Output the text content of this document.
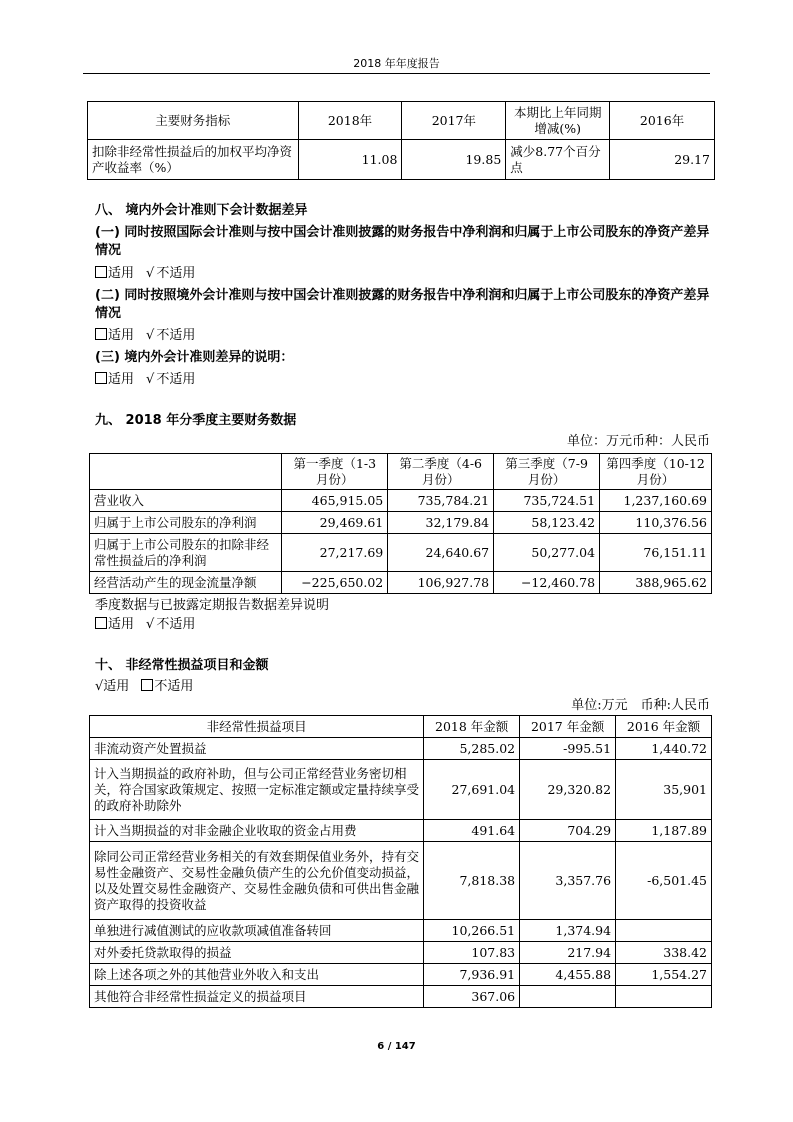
2018 年年度报告
主要财务指标	2018年	2017年	本期比上年同期增减(%)	2016年
扣除非经常性损益后的加权平均净资产收益率（%）	11.08	19.85	减少8.77个百分点	29.17
八、 境内外会计准则下会计数据差异
(一) 同时按照国际会计准则与按中国会计准则披露的财务报告中净利润和归属于上市公司股东的净资产差异情况
适用 √ 不适用
(二) 同时按照境外会计准则与按中国会计准则披露的财务报告中净利润和归属于上市公司股东的净资产差异情况
适用 √ 不适用
(三) 境内外会计准则差异的说明：
适用 √ 不适用
九、 2018 年分季度主要财务数据
单位：万元币种：人民币
	第一季度（1-3 月份）	第二季度（4-6 月份）	第三季度（7-9 月份）	第四季度（10-12 月份）
营业收入	465,915.05	735,784.21	735,724.51	1,237,160.69
归属于上市公司股东的净利润	29,469.61	32,179.84	58,123.42	110,376.56
归属于上市公司股东的扣除非经常性损益后的净利润	27,217.69	24,640.67	50,277.04	76,151.11
经营活动产生的现金流量净额	−225,650.02	106,927.78	−12,460.78	388,965.62
季度数据与已披露定期报告数据差异说明
适用 √ 不适用
十、 非经常性损益项目和金额
√适用 不适用
单位:万元　币种:人民币
非经常性损益项目	2018 年金额	2017 年金额	2016 年金额
非流动资产处置损益	5,285.02	-995.51	1,440.72
计入当期损益的政府补助，但与公司正常经营业务密切相关，符合国家政策规定、按照一定标准定额或定量持续享受的政府补助除外	27,691.04	29,320.82	35,901
计入当期损益的对非金融企业收取的资金占用费	491.64	704.29	1,187.89
除同公司正常经营业务相关的有效套期保值业务外，持有交易性金融资产、交易性金融负债产生的公允价值变动损益，以及处置交易性金融资产、交易性金融负债和可供出售金融资产取得的投资收益	7,818.38	3,357.76	-6,501.45
单独进行减值测试的应收款项减值准备转回	10,266.51	1,374.94	
对外委托贷款取得的损益	107.83	217.94	338.42
除上述各项之外的其他营业外收入和支出	7,936.91	4,455.88	1,554.27
其他符合非经常性损益定义的损益项目	367.06		
6 / 147
